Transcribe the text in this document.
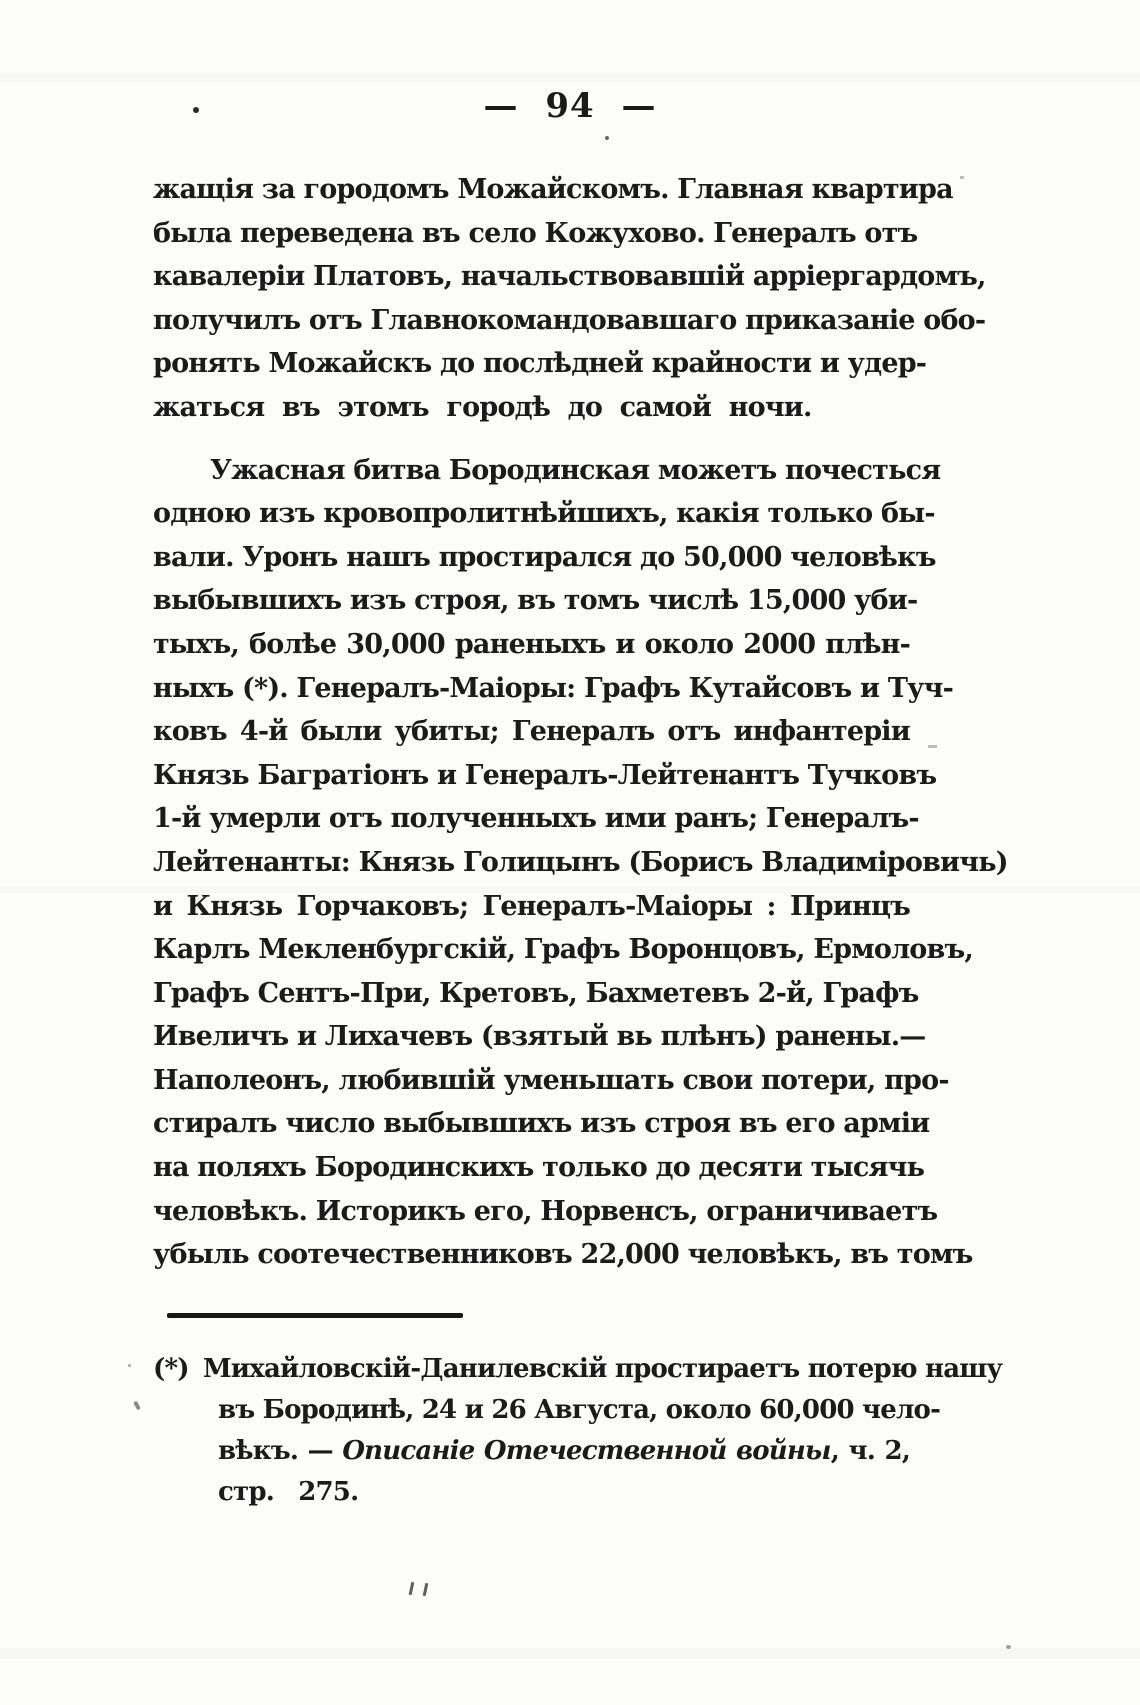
— 94 —
жащія за городомъ Можайскомъ. Главная квартира
была переведена въ село Кожухово. Генералъ отъ
кавалеріи Платовъ, начальствовавшій арріергардомъ,
получилъ отъ Главнокомандовавшаго приказаніе обо-
ронять Можайскъ до послѣдней крайности и удер-
жаться въ этомъ городѣ до самой ночи.
Ужасная битва Бородинская можетъ почесться
одною изъ кровопролитнѣйшихъ, какія только бы-
вали. Уронъ нашъ простирался до 50,000 человѣкъ
выбывшихъ изъ строя, въ томъ числѣ 15,000 уби-
тыхъ, болѣе 30,000 раненыхъ и около 2000 плѣн-
ныхъ (*). Генералъ-Маіоры: Графъ Кутайсовъ и Туч-
ковъ 4-й были убиты; Генералъ отъ инфантеріи
Князь Багратіонъ и Генералъ-Лейтенантъ Тучковъ
1-й умерли отъ полученныхъ ими ранъ; Генералъ-
Лейтенанты: Князь Голицынъ (Борисъ Владиміровичь)
и Князь Горчаковъ; Генералъ-Маіоры : Принцъ
Карлъ Мекленбургскій, Графъ Воронцовъ, Ермоловъ,
Графъ Сентъ-При, Кретовъ, Бахметевъ 2-й, Графъ
Ивеличъ и Лихачевъ (взятый вь плѣнъ) ранены.—
Наполеонъ, любившій уменьшать свои потери, про-
стиралъ число выбывшихъ изъ строя въ его арміи
на поляхъ Бородинскихъ только до десяти тысячь
человѣкъ. Историкъ его, Норвенсъ, ограничиваетъ
убыль соотечественниковъ 22,000 человѣкъ, въ томъ
(*) Михайловскій-Данилевскій простираетъ потерю нашу
въ Бородинѣ, 24 и 26 Августа, около 60,000 чело-
вѣкъ. — Описаніе Отечественной войны, ч. 2,
стр. 275.
